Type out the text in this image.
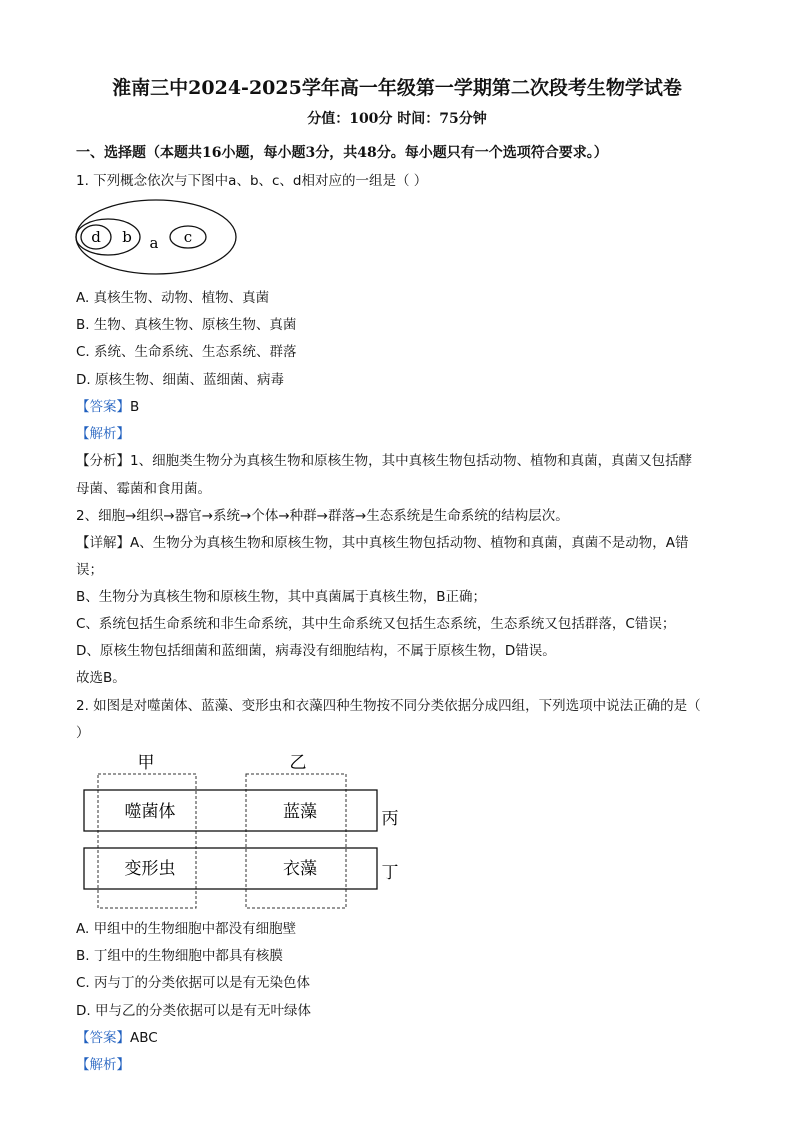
淮南三中2024-2025学年高一年级第一学期第二次段考生物学试卷
分值：100分 时间：75分钟
一、选择题（本题共16小题，每小题3分，共48分。每小题只有一个选项符合要求。）
1. 下列概念依次与下图中a、b、c、d相对应的一组是（ ）
d b a c
A. 真核生物、动物、植物、真菌
B. 生物、真核生物、原核生物、真菌
C. 系统、生命系统、生态系统、群落
D. 原核生物、细菌、蓝细菌、病毒
【答案】B
【解析】
【分析】1、细胞类生物分为真核生物和原核生物，其中真核生物包括动物、植物和真菌，真菌又包括酵
母菌、霉菌和食用菌。
2、细胞→组织→器官→系统→个体→种群→群落→生态系统是生命系统的结构层次。
【详解】A、生物分为真核生物和原核生物，其中真核生物包括动物、植物和真菌，真菌不是动物，A错
误；
B、生物分为真核生物和原核生物，其中真菌属于真核生物，B正确；
C、系统包括生命系统和非生命系统，其中生命系统又包括生态系统，生态系统又包括群落，C错误；
D、原核生物包括细菌和蓝细菌，病毒没有细胞结构，不属于原核生物，D错误。
故选B。
2. 如图是对噬菌体、蓝藻、变形虫和衣藻四种生物按不同分类依据分成四组，下列选项中说法正确的是（
）
甲	乙
丙
丁
噬菌体	蓝藻
变形虫	衣藻
A. 甲组中的生物细胞中都没有细胞壁
B. 丁组中的生物细胞中都具有核膜
C. 丙与丁的分类依据可以是有无染色体
D. 甲与乙的分类依据可以是有无叶绿体
【答案】ABC
【解析】
